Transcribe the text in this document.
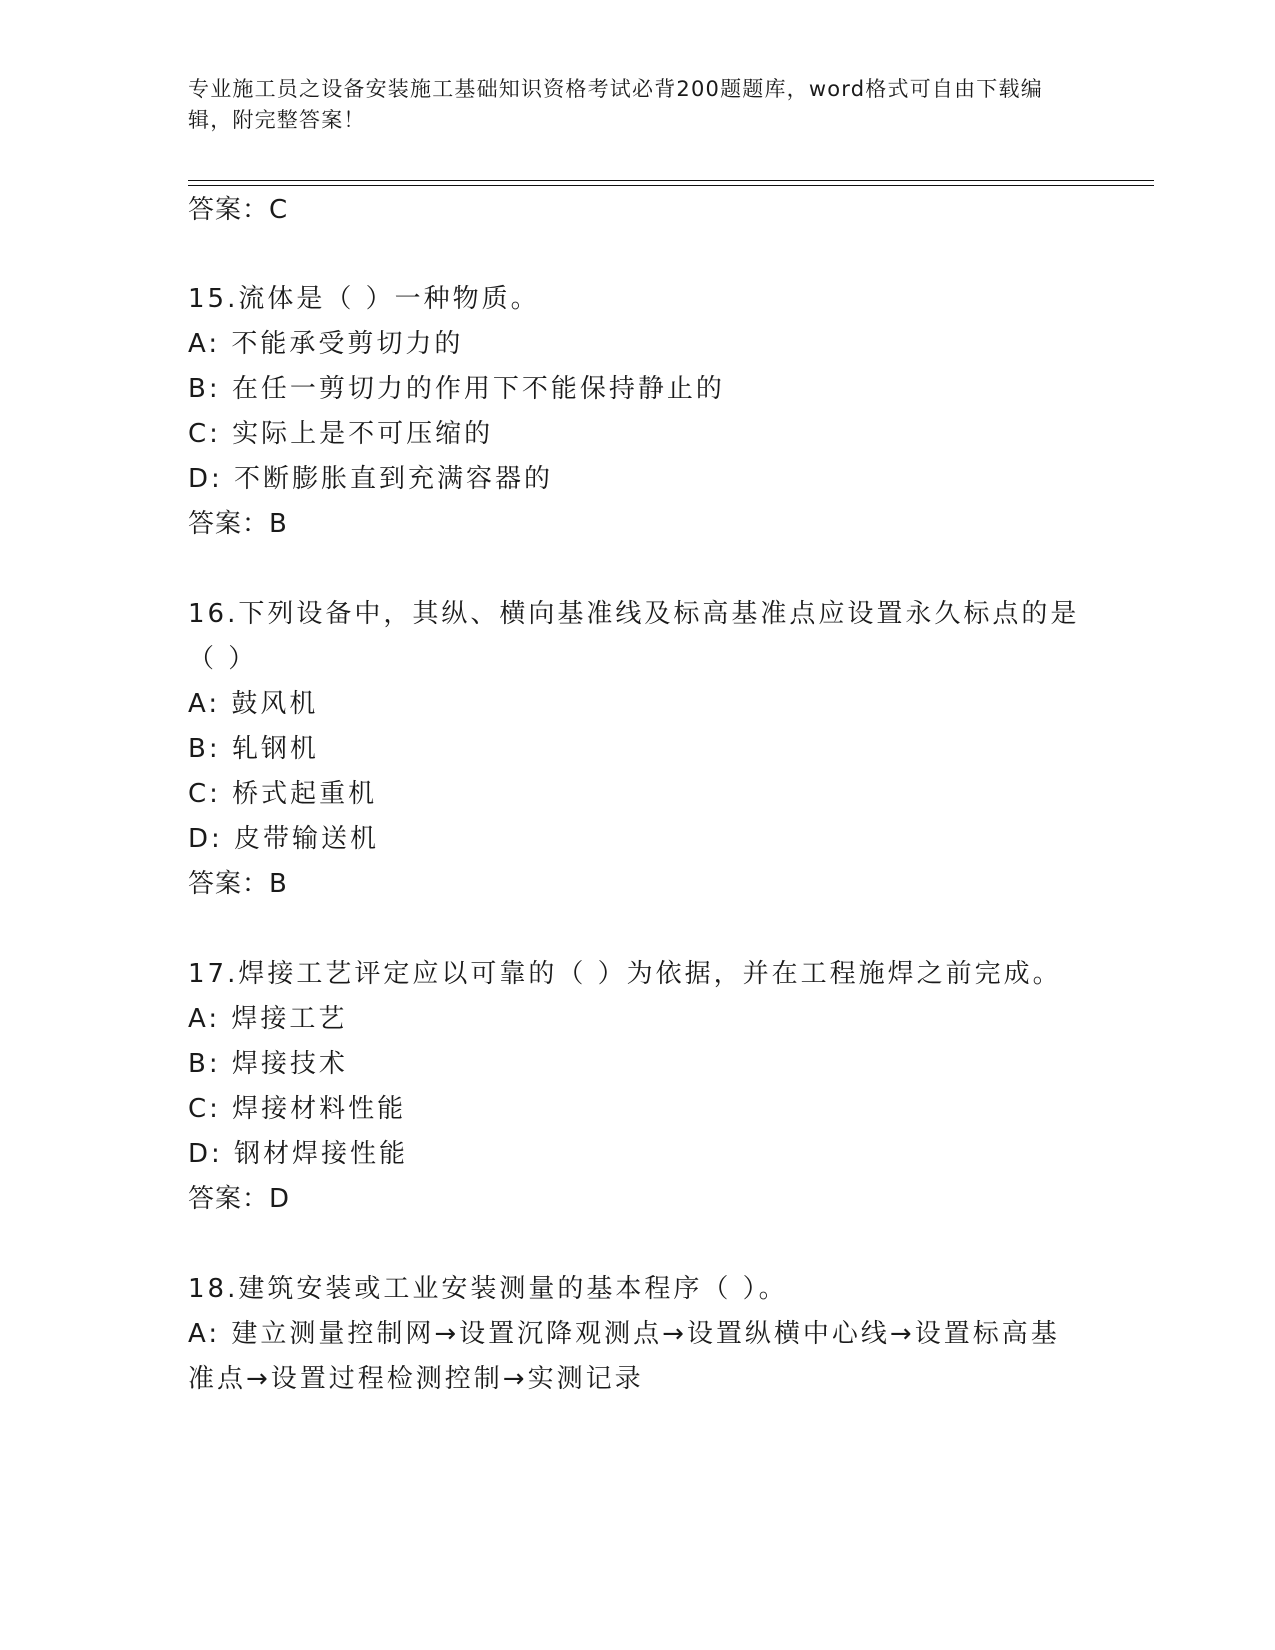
专业施工员之设备安装施工基础知识资格考试必背200题题库，word格式可自由下载编辑，附完整答案！
答案：C
15.流体是（ ）一种物质。
A: 不能承受剪切力的
B: 在任一剪切力的作用下不能保持静止的
C: 实际上是不可压缩的
D: 不断膨胀直到充满容器的
答案：B
16.下列设备中，其纵、横向基准线及标高基准点应设置永久标点的是
（ ）
A: 鼓风机
B: 轧钢机
C: 桥式起重机
D: 皮带输送机
答案：B
17.焊接工艺评定应以可靠的（ ）为依据，并在工程施焊之前完成。
A: 焊接工艺
B: 焊接技术
C: 焊接材料性能
D: 钢材焊接性能
答案：D
18.建筑安装或工业安装测量的基本程序（ ）。
A: 建立测量控制网→设置沉降观测点→设置纵横中心线→设置标高基
准点→设置过程检测控制→实测记录
